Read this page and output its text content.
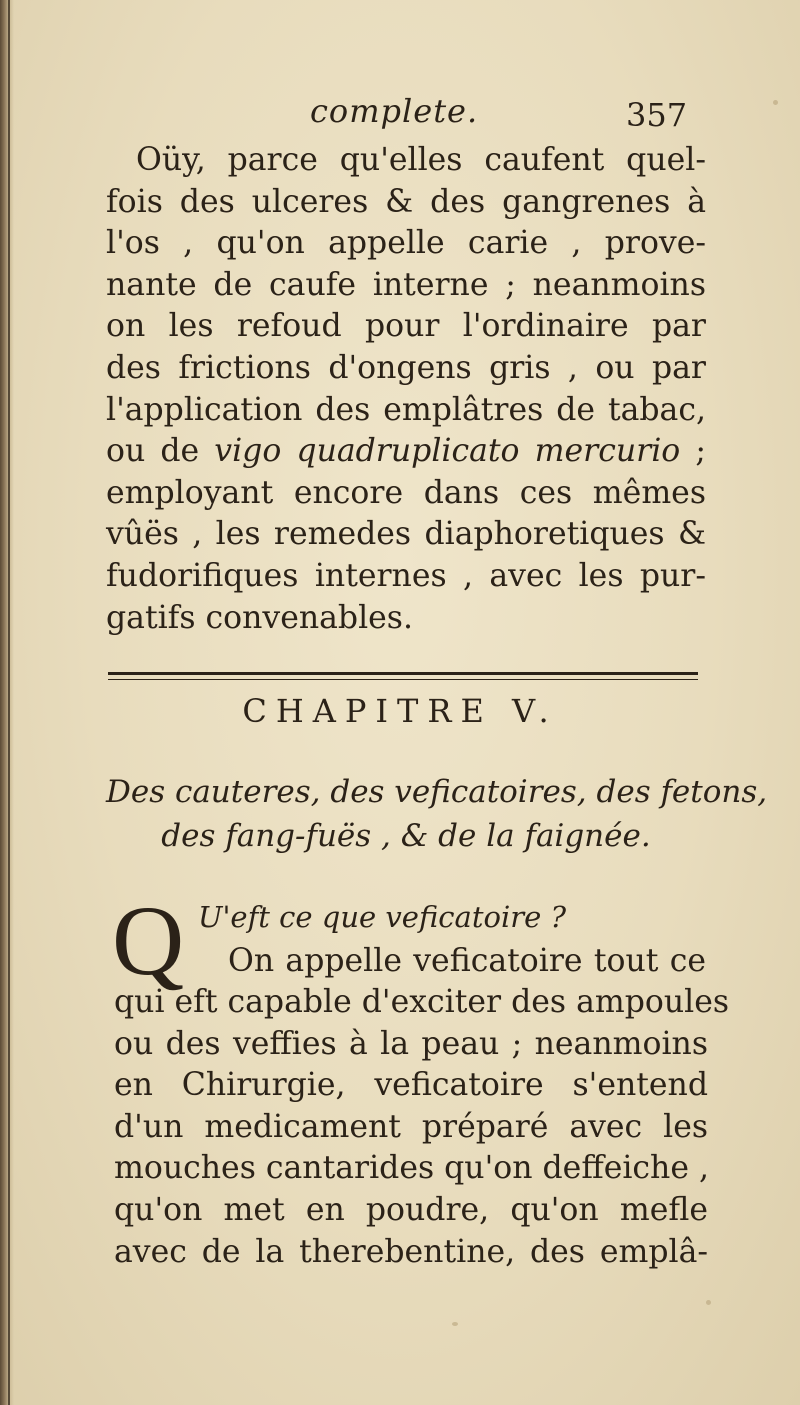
complete.	357
Oüy, parce qu'elles caufent quel-
fois des ulceres & des gangrenes à
l'os , qu'on appelle carie , prove-
nante de caufe interne ; neanmoins
on les refoud pour l'ordinaire par
des frictions d'ongens gris , ou par
l'application des emplâtres de tabac,
ou de vigo quadruplicato mercurio ;
employant encore dans ces mêmes
vûës , les remedes diaphoretiques &
fudorifiques internes , avec les pur-
gatifs convenables.
CHAPITRE V.
Des cauteres, des veficatoires, des fetons,
des fang-fuës , & de la faignée.
Q U'eft ce que veficatoire ?
On appelle veficatoire tout ce
qui eft capable d'exciter des ampoules
ou des veffies à la peau ; neanmoins
en Chirurgie, veficatoire s'entend
d'un medicament préparé avec les
mouches cantarides qu'on deffeiche ,
qu'on met en poudre, qu'on mefle
avec de la therebentine, des emplâ-
